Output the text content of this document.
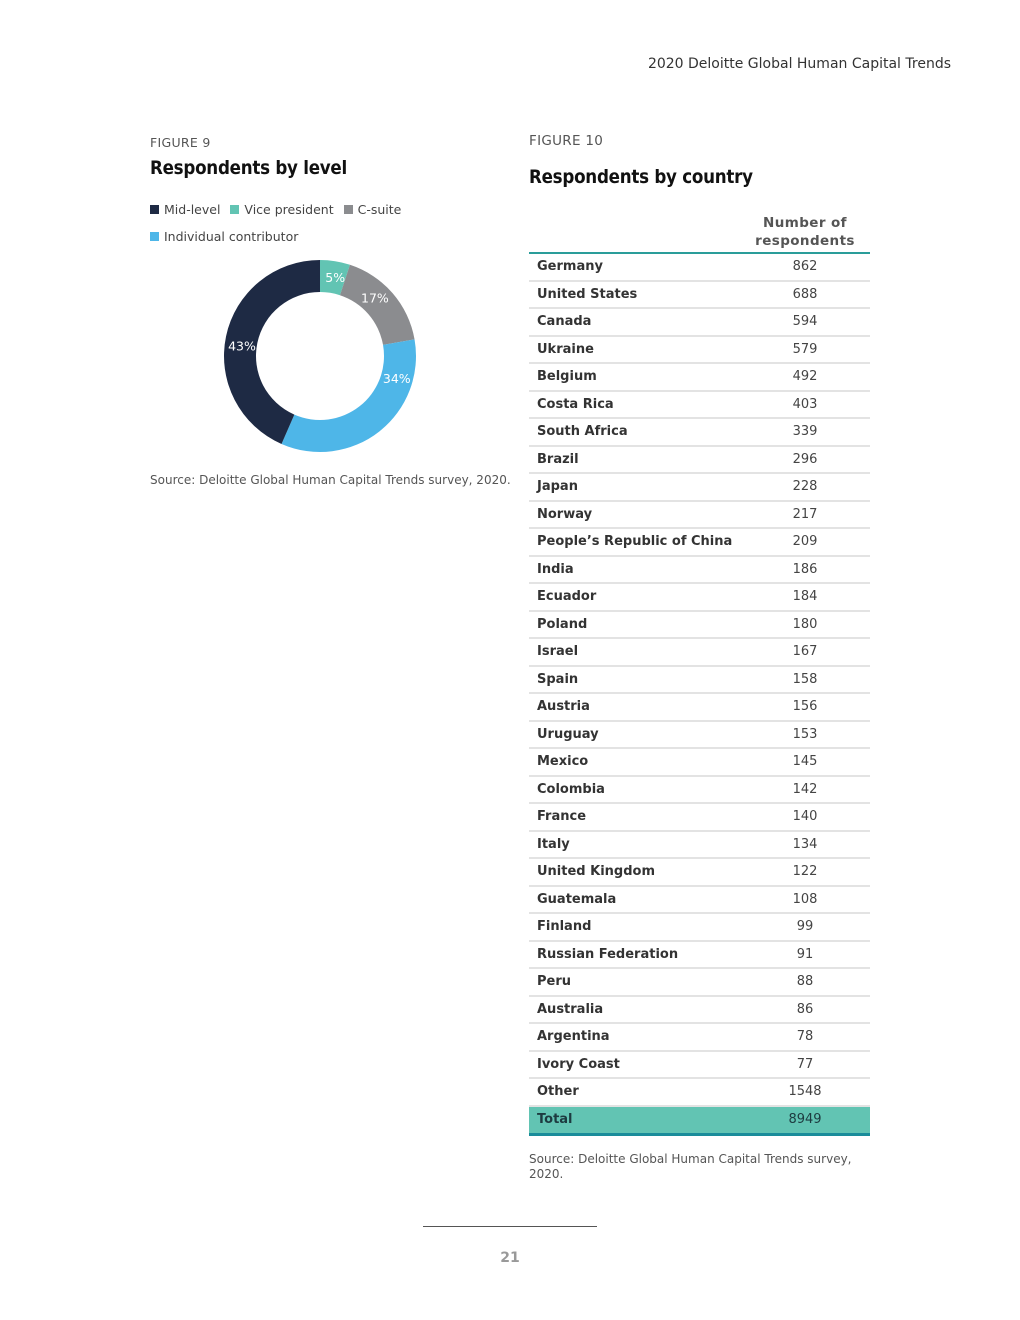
2020 Deloitte Global Human Capital Trends
FIGURE 9
Respondents by level
Mid-level
Vice president
C-suite

Individual contributor
5%
17%
34%
43%
Source: Deloitte Global Human Capital Trends survey, 2020.
FIGURE 10
Respondents by country
Number of
respondents
Germany	862
United States	688
Canada	594
Ukraine	579
Belgium	492
Costa Rica	403
South Africa	339
Brazil	296
Japan	228
Norway	217
People’s Republic of China	209
India	186
Ecuador	184
Poland	180
Israel	167
Spain	158
Austria	156
Uruguay	153
Mexico	145
Colombia	142
France	140
Italy	134
United Kingdom	122
Guatemala	108
Finland	99
Russian Federation	91
Peru	88
Australia	86
Argentina	78
Ivory Coast	77
Other	1548
Total	8949
Source: Deloitte Global Human Capital Trends survey, 2020.
21
